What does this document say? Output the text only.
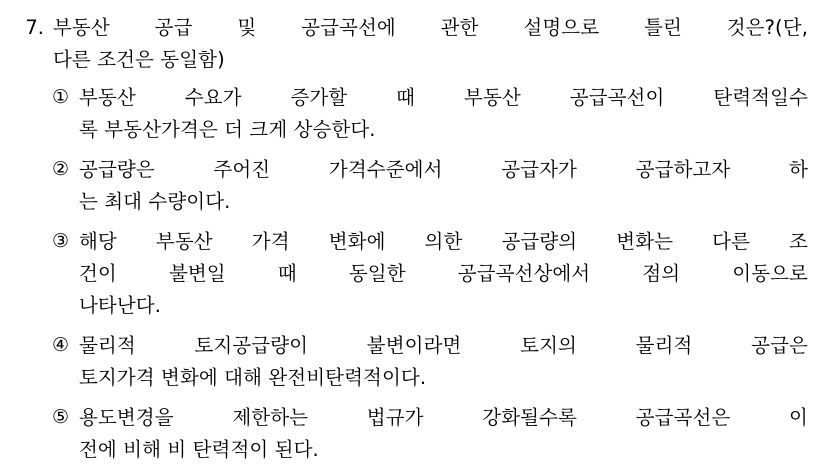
7. 부동산 공급 및 공급곡선에 관한 설명으로 틀린 것은?(단,
다른 조건은 동일함)
① 부동산 수요가 증가할 때 부동산 공급곡선이 탄력적일수
록 부동산가격은 더 크게 상승한다.
② 공급량은 주어진 가격수준에서 공급자가 공급하고자 하
는 최대 수량이다.
③ 해당 부동산 가격 변화에 의한 공급량의 변화는 다른 조
건이 불변일 때 동일한 공급곡선상에서 점의 이동으로
나타난다.
④ 물리적 토지공급량이 불변이라면 토지의 물리적 공급은
토지가격 변화에 대해 완전비탄력적이다.
⑤ 용도변경을 제한하는 법규가 강화될수록 공급곡선은 이
전에 비해 비 탄력적이 된다.
